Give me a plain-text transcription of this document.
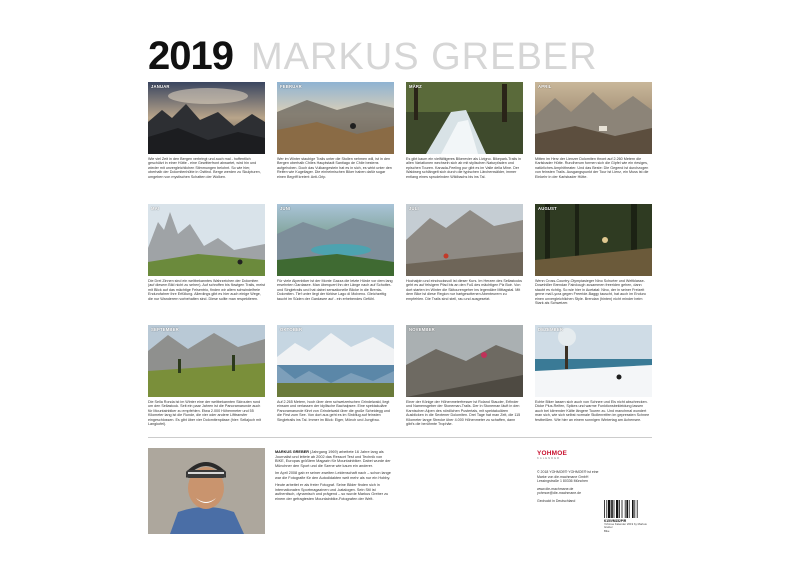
2019 MARKUS GREBER
JANUAR
Wie viel Zeit in den Bergen verbringt und auch mal - hoffentlich geschützt in einer Hütte - eine Gewitterfront abwartet, wird hin und wieder mit unvergleichlichen Stimmungen belohnt. So wie hier, oberhalb der Dolomitenhütte in Osttirol. Berge werden zu Skulpturen, umgeben von mystischen Schatten der Wolken.
FEBRUAR
Wer im Winter staubige Trails unter die Stollen nehmen will, ist in den Bergen oberhalb Chiles Hauptstadt Santiago de Chile bestens aufgehoben. Doch das Vulkangestein hat es in sich, es wirkt unter den Reifen wie Kugellager. Die einheimischen Biker haben dafür sogar einen Begriff kreiert: Anti-Grip.
MÄRZ
Es gibt kaum ein vielfältigeres Bikerevier als Livigno. Bikepark-Trails in allen Variationen wechseln sich ab mit stylischen Naturpfaden und epischen Touren. Kanada-Feeling pur gibt es im Valle della Mine. Der Waldweg schlängelt sich durch die typischen Lärchenwälder, immer entlang eines sprudelnden Wildbachs bis ins Tal.
APRIL
Mitten im Herz der Lienzer Dolomiten thront auf 2.260 Metern die Karlsbader Hütte. Rundherum formen sich die Gipfel wie ein riesiges, natürliches Amphitheater. Und das Beste: Die Gegend ist durchzogen von feinsten Trails. Ausgangspunkt der Tour ist Lienz, ein Muss ist die Einkehr in der Karlsbader Hütte.
MAI
Die Drei Zinnen sind ein weltbekanntes Wahrzeichen der Dolomiten (auf diesem Bild nicht zu sehen). Auf schroffen bis flowigen Trails, meist mit Blick auf das mächtige Felsentrio, finden wir allem schwindelfreie Endurofahrer ihre Erfüllung. Allerdings gibt es hier auch einige Wege, die nur Wanderern vorbehalten sind. Diese sollte man respektieren.
JUNI
Für viele Alpenbiker ist der Monte Gazza die letzte Hürde vor dem lang ersehnten Gardasee. Man überquert ihn der Länge nach auf Schotter- und Singletrails und hat dabei sensationelle Blicke in die Brenta-Dolomiten. Tief unter liegt der türkise Lago di Molveno. Gleichzeitig taucht im Süden der Gardasee auf - ein erhebendes Gefühl.
JULI
Hochalpin und eindrucksvoll ist dieser Kurs. Im Herzen des Sellastocks geht es auf felsigem Pfad bis an den Fuß des mächtigen Piz Boè. Von dort starten im Winter die Skitourengeher ins legendäre Mittagstal. Mit dem Bike ist diese Region nur hartgesottenen Abenteurern zu empfehlen. Die Trails sind steil, rau und ausgesetzt.
AUGUST
Wenn Cross-Country-Olympiasieger Nino Schurter und Weltklasse-Downhiller Brendan Fairclough zusammen freeriden gehen, dann staubt es richtig. So wie hier in Acetatal: Nino, der in seiner Freizeit gerne mal Lycra gegen Freeride-Baggy tauscht, hat auch im Enduro einen unvergleichlichen Style. Brendan (hinten) nicht minder beim Stark als Schweizer.
SEPTEMBER
Die Sella Ronda ist im Winter eine der weltbekannten Skirouten rund um den Sellastock. Seit ein paar Jahren ist die Panoramarunde auch für Mountainbiker zu empfehlen. Etwa 2.000 Höhenmeter und 55 Kilometer lang ist die Runde, die vier oder andere Lifttransfer eingeschlossen. Es gibt über vier Dolomitenpässe (hier: Sellajoch mit Langkofel).
OKTOBER
Auf 2.265 Metern, hoch über dem schweizerischen Grindelwald, liegt einsam und verlassen der idyllische Bachalpsee. Eine spektakuläre Panoramarunde führt von Grindelwald über die große Scheidegg und die First zum See. Von dort aus geht es im Sinkflug auf feinsten Singletrails ins Tal. Immer im Blick: Eiger, Mönch und Jungfrau.
NOVEMBER
Einer der Könige der Höhenmeterfresser ist Roland Stauder, Erfinder und Namensgeber der Stoneman-Trails. Der in Stoneman läuft in den Karnischen Alpen des nördlichen Pustertals, mit spektakulären Ausblicken in die Sextener Dolomiten. Drei Tage hat man Zeit, die 115 Kilometer lange Strecke über 4.000 Höhenmeter zu schaffen, dann gibt's die berühmte Trophäe.
DEZEMBER
Echte Biker lassen sich auch von Schnee und Eis nicht abschrecken. Dicke Plus-Reifen, Spikes und warme Funktionsbekleidung lassen auch bei klirrender Kälte längere Touren zu. Und manchmal wundert man sich, wie sich selbst normale Stollenreifen im gepressten Schnee festbeißen. Wie hier an einem sonnigen Wintertag am Achensee.

MARKUS GREBER (Jahrgang 1969) arbeitete 16 Jahre lang als Journalist und leitete ab 2002 das Ressort Test und Technik von BIKE, Europas größtem Magazin für Mountainbiker. Dabei wurde der Münchner den Sport und die Szene wie kaum ein anderer.

Im April 2008 gab er seiner zweiten Leidenschaft nach – schon lange war die Fotografie für den Autodidakten weit mehr als nur ein Hobby.

Heute arbeitet er als freier Fotograf. Seine Bilder finden sich in internationalen Sportmagazinen und -katalogen. Sein Stil ist authentisch, dynamisch und prägend – so wurde Markus Greber zu einem der gefragtesten Mountainbike-Fotografen der Welt.

YOHMOE
KALENDER

© 2018 YOHMOE® YOHMOE® ist eine Marke von die.machmane GmbH Lessingstraße 1 80336 München

www.die-machmane.de
yohmoe@die-machmane.de

Gedruckt in Deutschland

K15/VM152P/R
Yohmoe Kalender 2019 by Markus Greber
Bike
